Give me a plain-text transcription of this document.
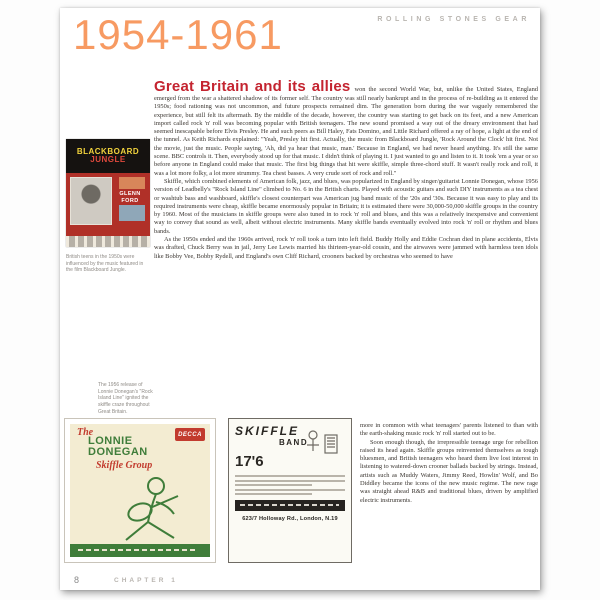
ROLLING STONES GEAR
1954-1961
BLACKBOARD
JUNGLE
GLENN FORD
British teens in the 1950s were influenced by the music featured in the film Blackboard Jungle.
The 1956 release of Lonnie Donegan's "Rock Island Line" ignited the skiffle craze throughout Great Britain.

Great Britain and its allies won the second World War, but, unlike the United States, England emerged from the war a shattered shadow of its former self. The country was still nearly bankrupt and in the process of re-building as it entered the 1950s; food rationing was not uncommon, and future prospects remained dim. The generation born during the war vaguely remembered the experience, but still felt its aftermath. By the middle of the decade, however, the country was starting to get back on its feet, and a new American import called rock 'n' roll was becoming popular with British teenagers. The new sound promised a way out of the dreary environment that had seemed inescapable before Elvis Presley. He and such peers as Bill Haley, Fats Domino, and Little Richard offered a ray of hope, a light at the end of the tunnel. As Keith Richards explained: "Yeah, Presley hit first. Actually, the music from Blackboard Jungle, 'Rock Around the Clock' hit first. Not the movie, just the music. People saying, 'Ah, did ya hear that music, man.' Because in England, we had never heard anything. It's still the same scene. BBC controls it. Then, everybody stood up for that music. I didn't think of playing it. I just wanted to go and listen to it. It took 'em a year or so before anyone in England could make that music. The first big things that hit were skiffle, simple three-chord stuff. It wasn't really rock and roll, it was a lot more folky, a lot more strummy. Tea chest basses. A very crude sort of rock and roll."

Skiffle, which combined elements of American folk, jazz, and blues, was popularized in England by singer/guitarist Lonnie Donegan, whose 1956 version of Leadbelly's "Rock Island Line" climbed to No. 6 in the British charts. Played with acoustic guitars and such DIY instruments as a tea chest or washtub bass and washboard, skiffle's closest counterpart was American jug band music of the '20s and '30s. Because it was easy to play and its required instruments were cheap, skiffle became enormously popular in Britain; it is estimated there were 30,000-50,000 skiffle groups in the country by 1960. Most of the musicians in skiffle groups were also tuned in to rock 'n' roll and blues, and this was a relatively inexpensive and convenient way to convey that sound as well, albeit without electric instruments. Many skiffle bands eventually evolved into rock 'n' roll or rhythm and blues bands.

As the 1950s ended and the 1960s arrived, rock 'n' roll took a turn into left field. Buddy Holly and Eddie Cochran died in plane accidents, Elvis was drafted, Chuck Berry was in jail, Jerry Lee Lewis married his thirteen-year-old cousin, and the airwaves were jammed with harmless teen idols like Bobby Vee, Bobby Rydell, and England's own Cliff Richard, crooners backed by orchestras who seemed to have

more in common with what teenagers' parents listened to than with the earth-shaking music rock 'n' roll started out to be.

Soon enough though, the irrepressible teenage urge for rebellion raised its head again. Skiffle groups reinvented themselves as tough bluesmen, and British teenagers who heard them live lost interest in listening to watered-down crooner ballads backed by strings. Instead, artists such as Muddy Waters, Jimmy Reed, Howlin' Wolf, and Bo Diddley became the icons of the new music regime. The new rage was straight ahead R&B and traditional blues, driven by amplified electric instruments.

The
LONNIE
DONEGAN
Skiffle Group
DECCA	SKIFFLE
BAND
17'6
623/7 Holloway Rd., London, N.19
8	CHAPTER 1
